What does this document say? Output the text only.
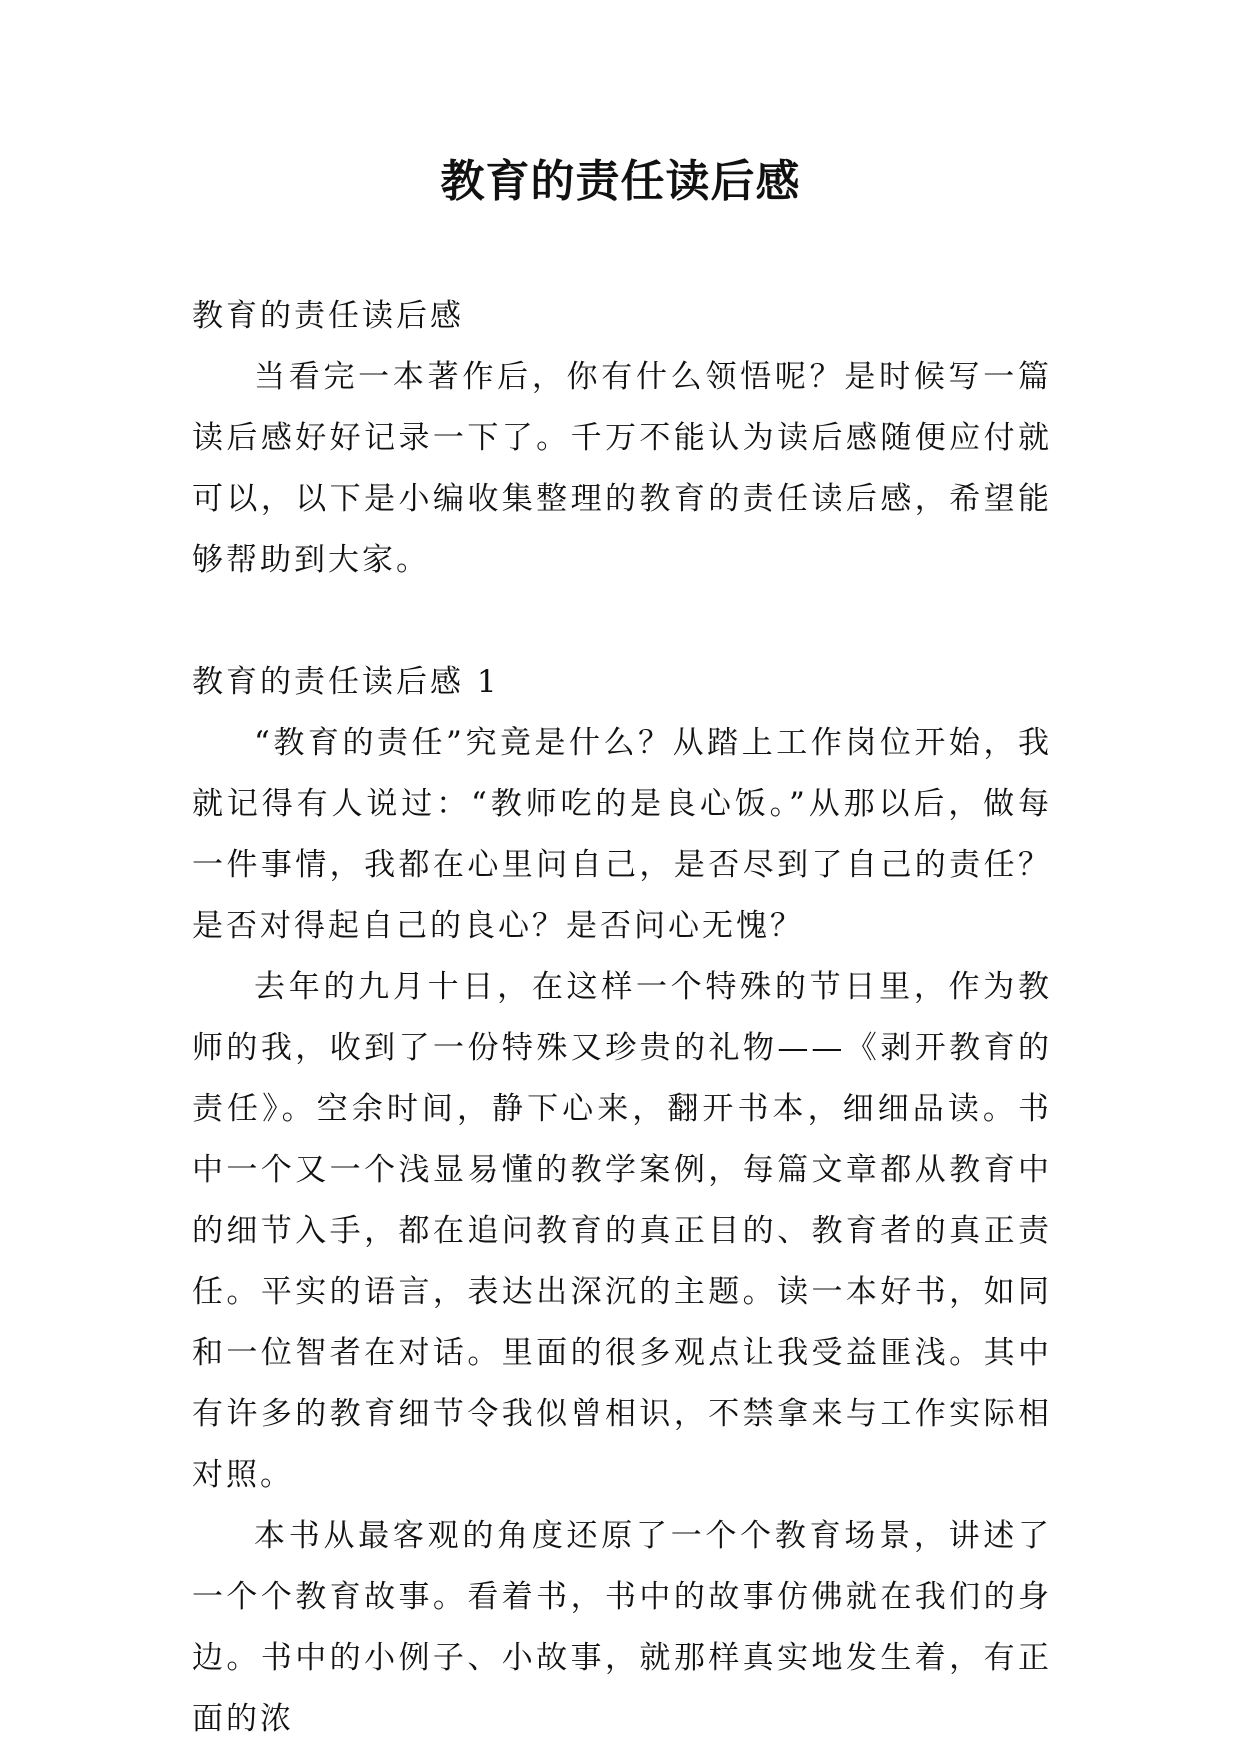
教育的责任读后感

教育的责任读后感

当看完一本著作后，你有什么领悟呢？是时候写一篇读后感好好记录一下了。千万不能认为读后感随便应付就可以，以下是小编收集整理的教育的责任读后感，希望能够帮助到大家。

教育的责任读后感 1

“教育的责任”究竟是什么？从踏上工作岗位开始，我就记得有人说过：“教师吃的是良心饭。”从那以后，做每一件事情，我都在心里问自己，是否尽到了自己的责任？是否对得起自己的良心？是否问心无愧？

去年的九月十日，在这样一个特殊的节日里，作为教师的我，收到了一份特殊又珍贵的礼物——《剥开教育的责任》。空余时间，静下心来，翻开书本，细细品读。书中一个又一个浅显易懂的教学案例，每篇文章都从教育中的细节入手，都在追问教育的真正目的、教育者的真正责任。平实的语言，表达出深沉的主题。读一本好书，如同和一位智者在对话。里面的很多观点让我受益匪浅。其中有许多的教育细节令我似曾相识，不禁拿来与工作实际相对照。

本书从最客观的角度还原了一个个教育场景，讲述了一个个教育故事。看着书，书中的故事仿佛就在我们的身边。书中的小例子、小故事，就那样真实地发生着，有正面的浓
